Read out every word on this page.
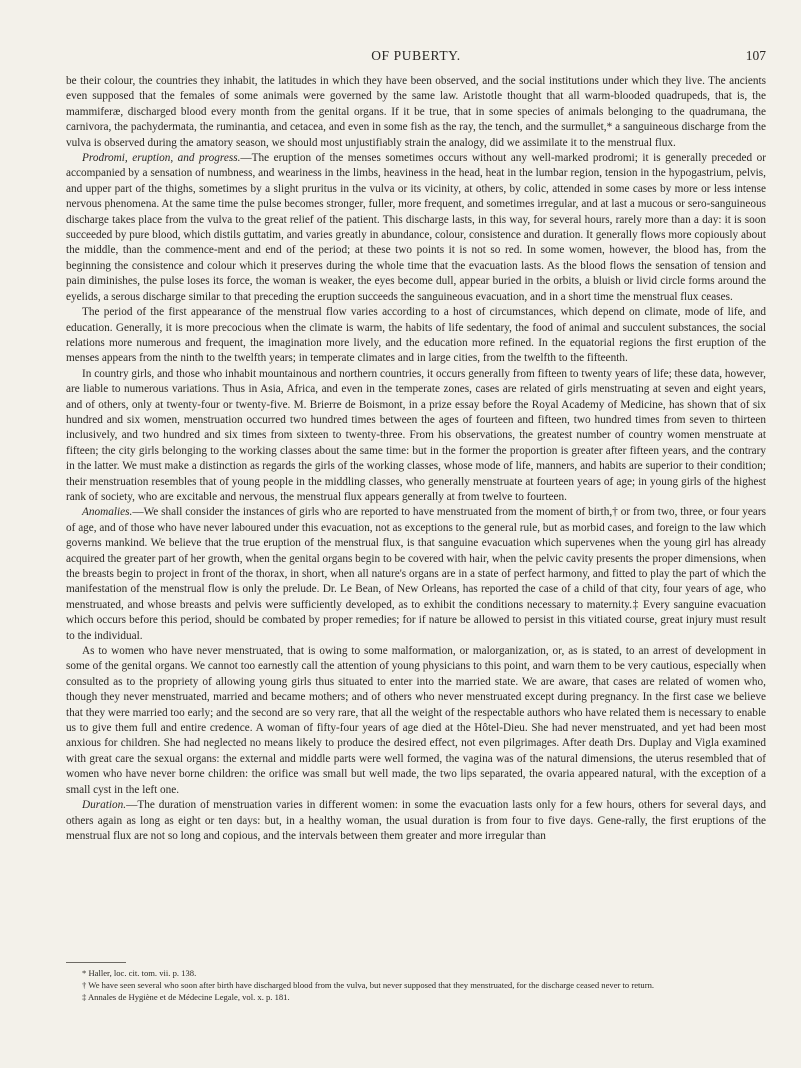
OF PUBERTY.	107

be their colour, the countries they inhabit, the latitudes in which they have been observed, and the social institutions under which they live. The ancients even supposed that the females of some animals were governed by the same law. Aristotle thought that all warm-blooded quadrupeds, that is, the mammiferæ, discharged blood every month from the genital organs. If it be true, that in some species of animals belonging to the quadrumana, the carnivora, the pachydermata, the ruminantia, and cetacea, and even in some fish as the ray, the tench, and the surmullet,* a sanguineous discharge from the vulva is observed during the amatory season, we should most unjustifiably strain the analogy, did we assimilate it to the menstrual flux.

Prodromi, eruption, and progress.—The eruption of the menses sometimes occurs without any well-marked prodromi; it is generally preceded or accompanied by a sensation of numbness, and weariness in the limbs, heaviness in the head, heat in the lumbar region, tension in the hypogastrium, pelvis, and upper part of the thighs, sometimes by a slight pruritus in the vulva or its vicinity, at others, by colic, attended in some cases by more or less intense nervous phenomena. At the same time the pulse becomes stronger, fuller, more frequent, and sometimes irregular, and at last a mucous or sero-sanguineous discharge takes place from the vulva to the great relief of the patient. This discharge lasts, in this way, for several hours, rarely more than a day: it is soon succeeded by pure blood, which distils guttatim, and varies greatly in abundance, colour, consistence and duration. It generally flows more copiously about the middle, than the commence-ment and end of the period; at these two points it is not so red. In some women, however, the blood has, from the beginning the consistence and colour which it preserves during the whole time that the evacuation lasts. As the blood flows the sensation of tension and pain diminishes, the pulse loses its force, the woman is weaker, the eyes become dull, appear buried in the orbits, a bluish or livid circle forms around the eyelids, a serous discharge similar to that preceding the eruption succeeds the sanguineous evacuation, and in a short time the menstrual flux ceases.

The period of the first appearance of the menstrual flow varies according to a host of circumstances, which depend on climate, mode of life, and education. Generally, it is more precocious when the climate is warm, the habits of life sedentary, the food of animal and succulent substances, the social relations more numerous and frequent, the imagination more lively, and the education more refined. In the equatorial regions the first eruption of the menses appears from the ninth to the twelfth years; in temperate climates and in large cities, from the twelfth to the fifteenth.

In country girls, and those who inhabit mountainous and northern countries, it occurs generally from fifteen to twenty years of life; these data, however, are liable to numerous variations. Thus in Asia, Africa, and even in the temperate zones, cases are related of girls menstruating at seven and eight years, and of others, only at twenty-four or twenty-five. M. Brierre de Boismont, in a prize essay before the Royal Academy of Medicine, has shown that of six hundred and six women, menstruation occurred two hundred times between the ages of fourteen and fifteen, two hundred times from seven to thirteen inclusively, and two hundred and six times from sixteen to twenty-three. From his observations, the greatest number of country women menstruate at fifteen; the city girls belonging to the working classes about the same time: but in the former the proportion is greater after fifteen years, and the contrary in the latter. We must make a distinction as regards the girls of the working classes, whose mode of life, manners, and habits are superior to their condition; their menstruation resembles that of young people in the middling classes, who generally menstruate at fourteen years of age; in young girls of the highest rank of society, who are excitable and nervous, the menstrual flux appears generally at from twelve to fourteen.

Anomalies.—We shall consider the instances of girls who are reported to have menstruated from the moment of birth,† or from two, three, or four years of age, and of those who have never laboured under this evacuation, not as exceptions to the general rule, but as morbid cases, and foreign to the law which governs mankind. We believe that the true eruption of the menstrual flux, is that sanguine evacuation which supervenes when the young girl has already acquired the greater part of her growth, when the genital organs begin to be covered with hair, when the pelvic cavity presents the proper dimensions, when the breasts begin to project in front of the thorax, in short, when all nature's organs are in a state of perfect harmony, and fitted to play the part of which the manifestation of the menstrual flow is only the prelude. Dr. Le Bean, of New Orleans, has reported the case of a child of that city, four years of age, who menstruated, and whose breasts and pelvis were sufficiently developed, as to exhibit the conditions necessary to maternity.‡ Every sanguine evacuation which occurs before this period, should be combated by proper remedies; for if nature be allowed to persist in this vitiated course, great injury must result to the individual.

As to women who have never menstruated, that is owing to some malformation, or malorganization, or, as is stated, to an arrest of development in some of the genital organs. We cannot too earnestly call the attention of young physicians to this point, and warn them to be very cautious, especially when consulted as to the propriety of allowing young girls thus situated to enter into the married state. We are aware, that cases are related of women who, though they never menstruated, married and became mothers; and of others who never menstruated except during pregnancy. In the first case we believe that they were married too early; and the second are so very rare, that all the weight of the respectable authors who have related them is necessary to enable us to give them full and entire credence. A woman of fifty-four years of age died at the Hôtel-Dieu. She had never menstruated, and yet had been most anxious for children. She had neglected no means likely to produce the desired effect, not even pilgrimages. After death Drs. Duplay and Vigla examined with great care the sexual organs: the external and middle parts were well formed, the vagina was of the natural dimensions, the uterus resembled that of women who have never borne children: the orifice was small but well made, the two lips separated, the ovaria appeared natural, with the exception of a small cyst in the left one.

Duration.—The duration of menstruation varies in different women: in some the evacuation lasts only for a few hours, others for several days, and others again as long as eight or ten days: but, in a healthy woman, the usual duration is from four to five days. Gene-rally, the first eruptions of the menstrual flux are not so long and copious, and the intervals between them greater and more irregular than

* Haller, loc. cit. tom. vii. p. 138.
† We have seen several who soon after birth have discharged blood from the vulva, but never supposed that they menstruated, for the discharge ceased never to return.
‡ Annales de Hygiène et de Médecine Legale, vol. x. p. 181.
